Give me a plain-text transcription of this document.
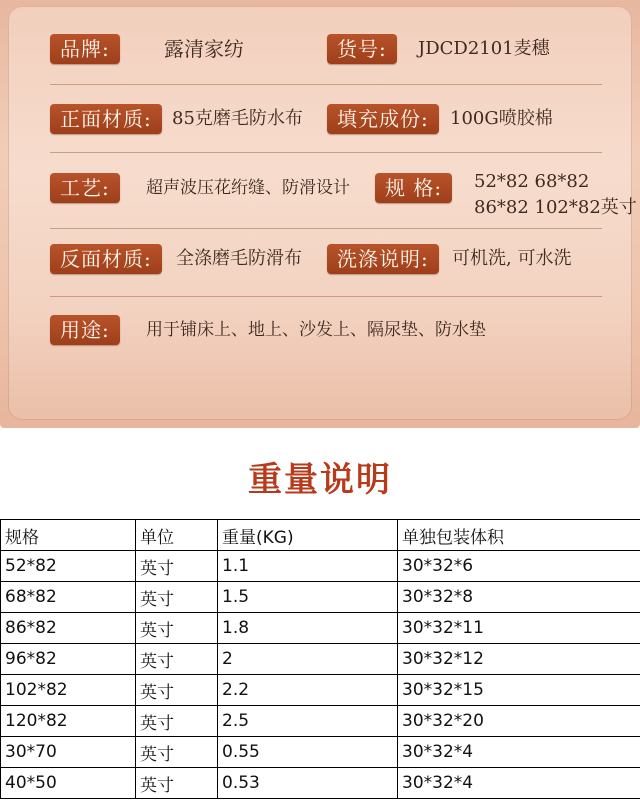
品牌:	露清家纺	货号:	JDCD2101麦穗
正面材质:	85克磨毛防水布	填充成份:	100G喷胶棉
工艺:	超声波压花绗缝、防滑设计	规 格:	52*82 68*82
86*82 102*82英寸
反面材质:	全涤磨毛防滑布	洗涤说明:	可机洗, 可水洗
用途:	用于铺床上、地上、沙发上、隔尿垫、防水垫
重量说明
规格	单位	重量(KG)	单独包装体积
52*82	英寸	1.1	30*32*6
68*82	英寸	1.5	30*32*8
86*82	英寸	1.8	30*32*11
96*82	英寸	2	30*32*12
102*82	英寸	2.2	30*32*15
120*82	英寸	2.5	30*32*20
30*70	英寸	0.55	30*32*4
40*50	英寸	0.53	30*32*4
